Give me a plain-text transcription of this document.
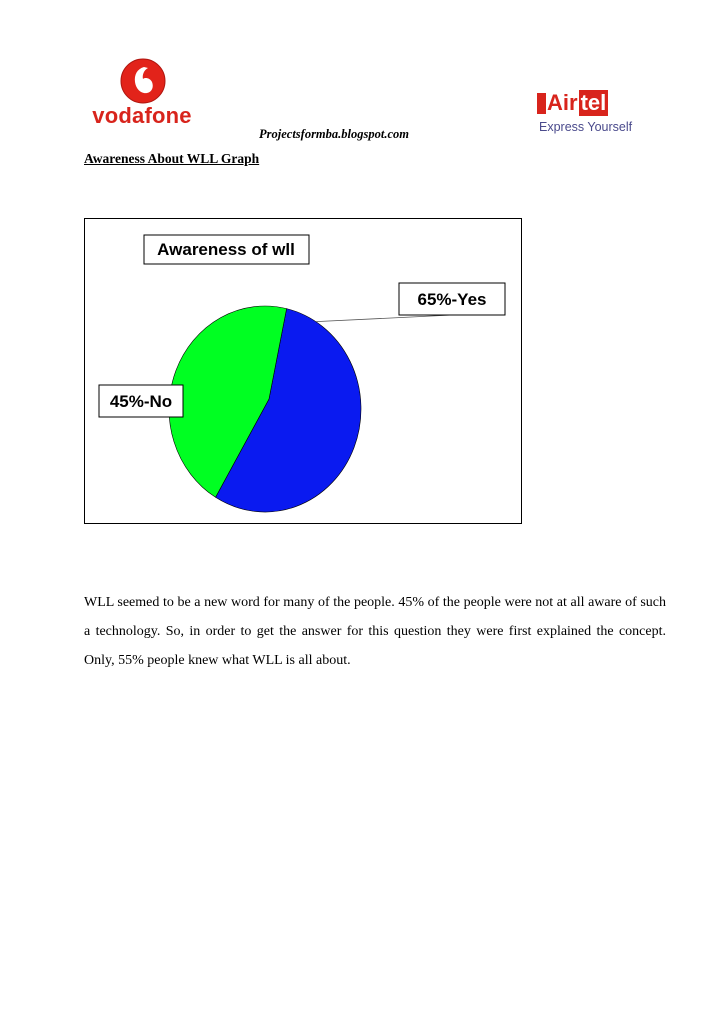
vodafone
Projectsformba.blogspot.com
Air tel
Express Yourself
Awareness About WLL Graph
Awareness of wll
65%-Yes
45%-No

WLL seemed to be a new word for many of the people. 45% of the people were not at all aware of such a technology. So, in order to get the answer for this question they were first explained the concept. Only, 55% people knew what WLL is all about.
